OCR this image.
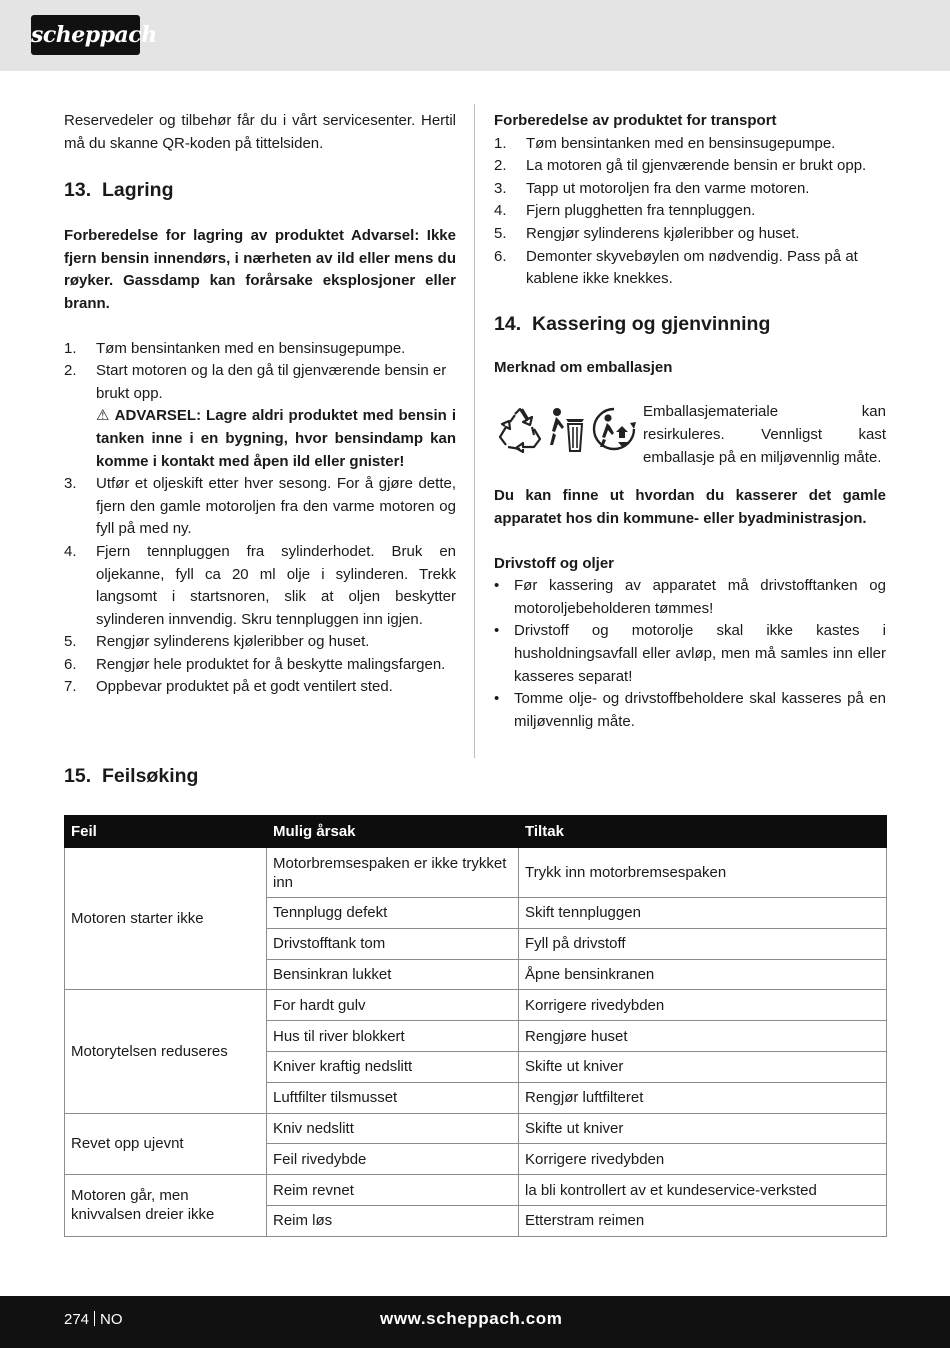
scheppach

Reservedeler og tilbehør får du i vårt servicesenter. Hertil må du skanne QR-koden på tittelsiden.

13. Lagring

Forberedelse for lagring av produktet Advarsel: Ikke fjern bensin innendørs, i nærheten av ild eller mens du røyker. Gassdamp kan forårsake eksplosjoner eller brann.

1. Tøm bensintanken med en bensinsugepumpe.
2. Start motoren og la den gå til gjenværende bensin er brukt opp.
⚠ ADVARSEL: Lagre aldri produktet med bensin i tanken inne i en bygning, hvor bensindamp kan komme i kontakt med åpen ild eller gnister!
3. Utfør et oljeskift etter hver sesong. For å gjøre dette, fjern den gamle motoroljen fra den varme motoren og fyll på med ny.
4. Fjern tennpluggen fra sylinderhodet. Bruk en oljekanne, fyll ca 20 ml olje i sylinderen. Trekk langsomt i startsnoren, slik at oljen beskytter sylinderen innvendig. Skru tennpluggen inn igjen.
5. Rengjør sylinderens kjøleribber og huset.
6. Rengjør hele produktet for å beskytte malingsfargen.
7. Oppbevar produktet på et godt ventilert sted.

Forberedelse av produktet for transport

1. Tøm bensintanken med en bensinsugepumpe.
2. La motoren gå til gjenværende bensin er brukt opp.
3. Tapp ut motoroljen fra den varme motoren.
4. Fjern plugghetten fra tennpluggen.
5. Rengjør sylinderens kjøleribber og huset.
6. Demonter skyvebøylen om nødvendig. Pass på at kablene ikke knekkes.
14. Kassering og gjenvinning

Merknad om emballasjen

Emballasjemateriale kan resirkuleres. Vennligst kast emballasje på en miljøvennlig måte.

Du kan finne ut hvordan du kasserer det gamle apparatet hos din kommune- eller byadministrasjon.

Drivstoff og oljer

• Før kassering av apparatet må drivstofftanken og motoroljebeholderen tømmes!
• Drivstoff og motorolje skal ikke kastes i husholdningsavfall eller avløp, men må samles inn eller kasseres separat!
• Tomme olje- og drivstoffbeholdere skal kasseres på en miljøvennlig måte.
15. Feilsøking
Feil	Mulig årsak	Tiltak
Motoren starter ikke	Motorbremsespaken er ikke trykket inn	Trykk inn motorbremsespaken
	Tennplugg defekt	Skift tennpluggen
	Drivstofftank tom	Fyll på drivstoff
	Bensinkran lukket	Åpne bensinkranen
Motorytelsen reduseres	For hardt gulv	Korrigere rivedybden
	Hus til river blokkert	Rengjøre huset
	Kniver kraftig nedslitt	Skifte ut kniver
	Luftfilter tilsmusset	Rengjør luftfilteret
Revet opp ujevnt	Kniv nedslitt	Skifte ut kniver
	Feil rivedybde	Korrigere rivedybden
Motoren går, men knivvalsen dreier ikke	Reim revnet	la bli kontrollert av et kundeservice-verksted
	Reim løs	Etterstram reimen
274 NO	www.scheppach.com
